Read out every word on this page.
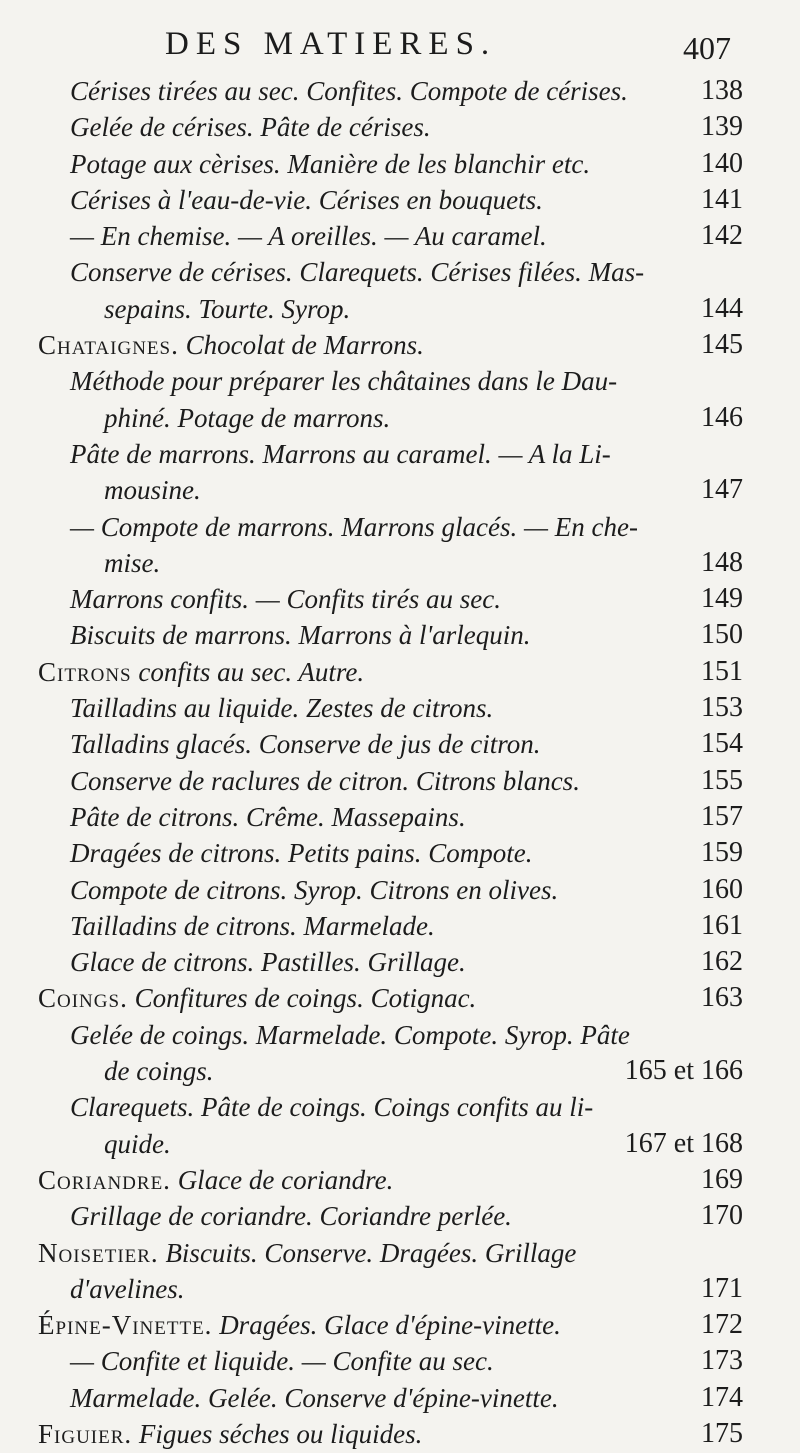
DES MATIERES.	407
Cérises tirées au sec. Confites. Compote de cérises.	138
Gelée de cérises. Pâte de cérises.	139
Potage aux cèrises. Manière de les blanchir etc.	140
Cérises à l'eau-de-vie. Cérises en bouquets.	141
— En chemise. — A oreilles. — Au caramel.	142
Conserve de cérises. Clarequets. Cérises filées. Mas-
sepains. Tourte. Syrop.	144
Chataignes. Chocolat de Marrons.	145
Méthode pour préparer les châtaines dans le Dau-
phiné. Potage de marrons.	146
Pâte de marrons. Marrons au caramel. — A la Li-
mousine.	147
— Compote de marrons. Marrons glacés. — En che-
mise.	148
Marrons confits. — Confits tirés au sec.	149
Biscuits de marrons. Marrons à l'arlequin.	150
Citrons confits au sec. Autre.	151
Tailladins au liquide. Zestes de citrons.	153
Talladins glacés. Conserve de jus de citron.	154
Conserve de raclures de citron. Citrons blancs.	155
Pâte de citrons. Crême. Massepains.	157
Dragées de citrons. Petits pains. Compote.	159
Compote de citrons. Syrop. Citrons en olives.	160
Tailladins de citrons. Marmelade.	161
Glace de citrons. Pastilles. Grillage.	162
Coings. Confitures de coings. Cotignac.	163
Gelée de coings. Marmelade. Compote. Syrop. Pâte
de coings.	165 et 166
Clarequets. Pâte de coings. Coings confits au li-
quide.	167 et 168
Coriandre. Glace de coriandre.	169
Grillage de coriandre. Coriandre perlée.	170
Noisetier. Biscuits. Conserve. Dragées. Grillage
d'avelines.	171
Épine-Vinette. Dragées. Glace d'épine-vinette.	172
— Confite et liquide. — Confite au sec.	173
Marmelade. Gelée. Conserve d'épine-vinette.	174
Figuier. Figues séches ou liquides.	175
